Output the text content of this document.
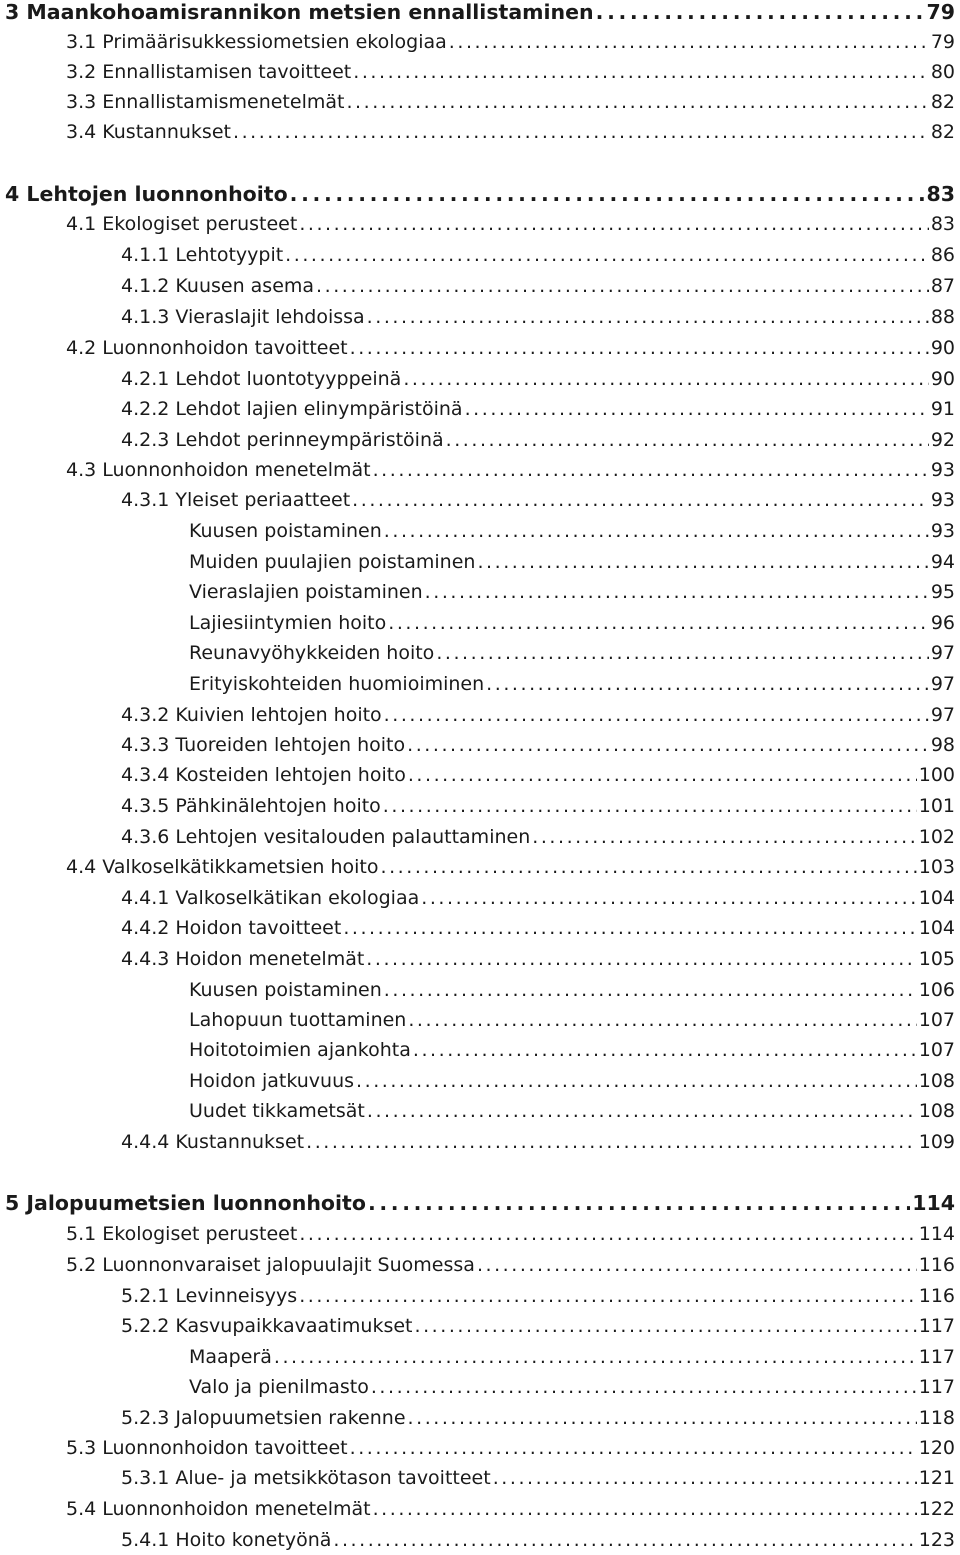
3 Maankohoamisrannikon metsien ennallistaminen . . .	79
3.1 Primäärisukkessiometsien ekologiaa . . .	79
3.2 Ennallistamisen tavoitteet . . .	80
3.3 Ennallistamismenetelmät . . .	82
3.4 Kustannukset . . .	82
4 Lehtojen luonnonhoito . . .	83
4.1 Ekologiset perusteet . . .	83
4.1.1 Lehtotyypit . . .	86
4.1.2 Kuusen asema . . .	87
4.1.3 Vieraslajit lehdoissa . . .	88
4.2 Luonnonhoidon tavoitteet . . .	90
4.2.1 Lehdot luontotyyppeinä . . .	90
4.2.2 Lehdot lajien elinympäristöinä . . .	91
4.2.3 Lehdot perinneympäristöinä . . .	92
4.3 Luonnonhoidon menetelmät . . .	93
4.3.1 Yleiset periaatteet . . .	93
Kuusen poistaminen . . .	93
Muiden puulajien poistaminen . . .	94
Vieraslajien poistaminen . . .	95
Lajiesiintymien hoito . . .	96
Reunavyöhykkeiden hoito . . .	97
Erityiskohteiden huomioiminen . . .	97
4.3.2 Kuivien lehtojen hoito . . .	97
4.3.3 Tuoreiden lehtojen hoito . . .	98
4.3.4 Kosteiden lehtojen hoito . . .	100
4.3.5 Pähkinälehtojen hoito . . .	101
4.3.6 Lehtojen vesitalouden palauttaminen . . .	102
4.4 Valkoselkätikkametsien hoito . . .	103
4.4.1 Valkoselkätikan ekologiaa . . .	104
4.4.2 Hoidon tavoitteet . . .	104
4.4.3 Hoidon menetelmät . . .	105
Kuusen poistaminen . . .	106
Lahopuun tuottaminen . . .	107
Hoitotoimien ajankohta . . .	107
Hoidon jatkuvuus . . .	108
Uudet tikkametsät . . .	108
4.4.4 Kustannukset . . .	109
5 Jalopuumetsien luonnonhoito . . .	114
5.1 Ekologiset perusteet . . .	114
5.2 Luonnonvaraiset jalopuulajit Suomessa . . .	116
5.2.1 Levinneisyys . . .	116
5.2.2 Kasvupaikkavaatimukset . . .	117
Maaperä . . .	117
Valo ja pienilmasto . . .	117
5.2.3 Jalopuumetsien rakenne . . .	118
5.3 Luonnonhoidon tavoitteet . . .	120
5.3.1 Alue- ja metsikkötason tavoitteet . . .	121
5.4 Luonnonhoidon menetelmät . . .	122
5.4.1 Hoito konetyönä . . .	123
